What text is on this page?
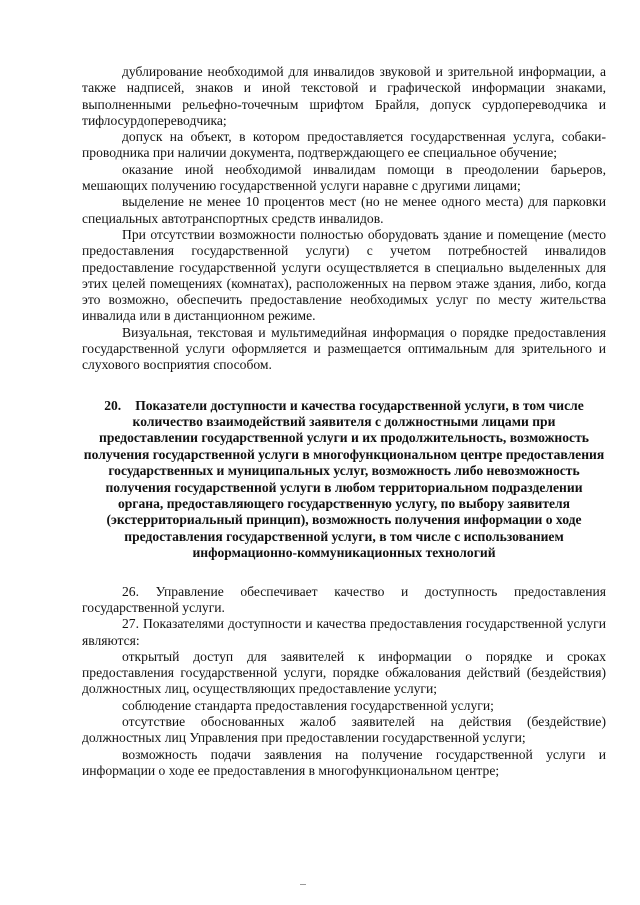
дублирование необходимой для инвалидов звуковой и зрительной информации, а также надписей, знаков и иной текстовой и графической информации знаками, выполненными рельефно-точечным шрифтом Брайля, допуск сурдопереводчика и тифлосурдопереводчика;

допуск на объект, в котором предоставляется государственная услуга, собаки-проводника при наличии документа, подтверждающего ее специальное обучение;

оказание иной необходимой инвалидам помощи в преодолении барьеров, мешающих получению государственной услуги наравне с другими лицами;

выделение не менее 10 процентов мест (но не менее одного места) для парковки специальных автотранспортных средств инвалидов.

При отсутствии возможности полностью оборудовать здание и помещение (место предоставления государственной услуги) с учетом потребностей инвалидов предоставление государственной услуги осуществляется в специально выделенных для этих целей помещениях (комнатах), расположенных на первом этаже здания, либо, когда это возможно, обеспечить предоставление необходимых услуг по месту жительства инвалида или в дистанционном режиме.

Визуальная, текстовая и мультимедийная информация о порядке предоставления государственной услуги оформляется и размещается оптимальным для зрительного и слухового восприятия способом.

20. Показатели доступности и качества государственной услуги, в том числе количество взаимодействий заявителя с должностными лицами при предоставлении государственной услуги и их продолжительность, возможность получения государственной услуги в многофункциональном центре предоставления государственных и муниципальных услуг, возможность либо невозможность получения государственной услуги в любом территориальном подразделении органа, предоставляющего государственную услугу, по выбору заявителя (экстерриториальный принцип), возможность получения информации о ходе предоставления государственной услуги, в том числе с использованием информационно-коммуникационных технологий

26. Управление обеспечивает качество и доступность предоставления государственной услуги.

27. Показателями доступности и качества предоставления государственной услуги являются:

открытый доступ для заявителей к информации о порядке и сроках предоставления государственной услуги, порядке обжалования действий (бездействия) должностных лиц, осуществляющих предоставление услуги;

соблюдение стандарта предоставления государственной услуги;

отсутствие обоснованных жалоб заявителей на действия (бездействие) должностных лиц Управления при предоставлении государственной услуги;

возможность подачи заявления на получение государственной услуги и информации о ходе ее предоставления в многофункциональном центре;
